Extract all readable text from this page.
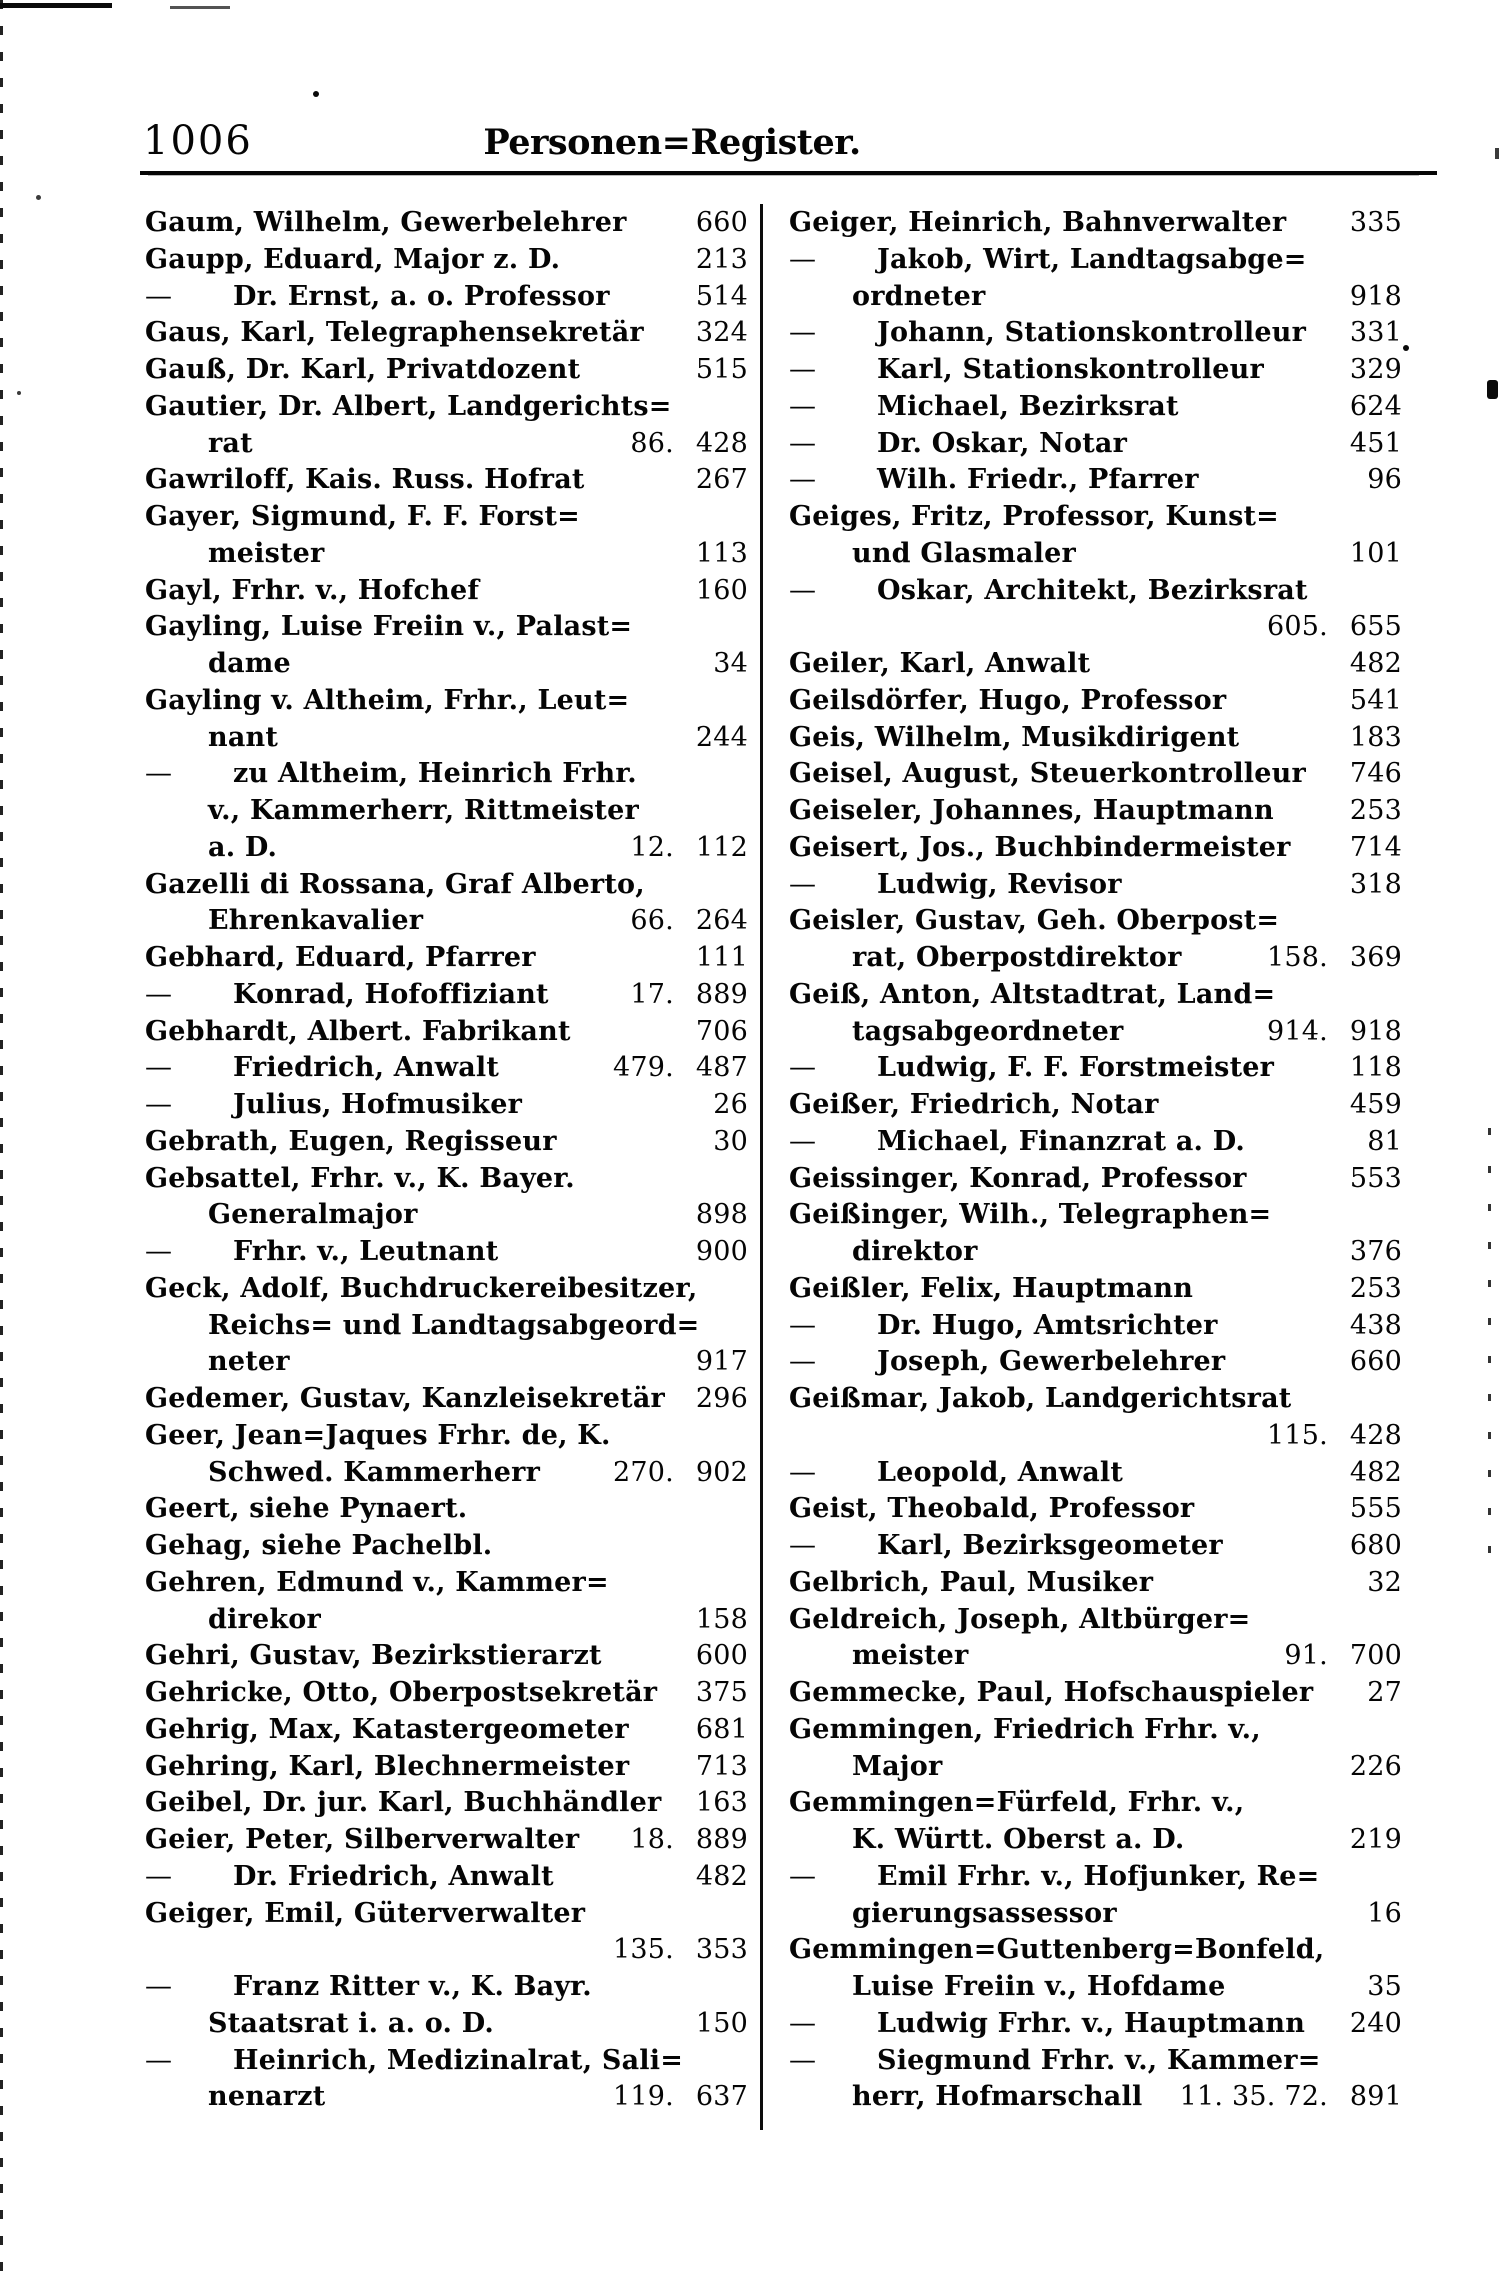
1006	Personen=Register.
Gaum, Wilhelm, Gewerbelehrer	660
Gaupp, Eduard, Major z. D.	213
—	Dr. Ernst, a. o. Professor	514
Gaus, Karl, Telegraphensekretär 324
Gauß, Dr. Karl, Privatdozent	515
Gautier, Dr. Albert, Landgerichts=
rat	86. 428
Gawriloff, Kais. Russ. Hofrat	267
Gayer, Sigmund, F. F. Forst=
meister	113
Gayl, Frhr. v., Hofchef	160
Gayling, Luise Freiin v., Palast=
dame	34
Gayling v. Altheim, Frhr., Leut=
nant	244
—	zu Altheim, Heinrich Frhr.
v., Kammerherr, Rittmeister
a. D.	12. 112
Gazelli di Rossana, Graf Alberto,
Ehrenkavalier	66. 264
Gebhard, Eduard, Pfarrer	111
—	Konrad, Hofoffiziant	17. 889
Gebhardt, Albert. Fabrikant	706
—	Friedrich, Anwalt	479. 487
—	Julius, Hofmusiker	26
Gebrath, Eugen, Regisseur	30
Gebsattel, Frhr. v., K. Bayer.
Generalmajor	898
—	Frhr. v., Leutnant	900
Geck, Adolf, Buchdruckereibesitzer,
Reichs= und Landtagsabgeord=
neter	917
Gedemer, Gustav, Kanzleisekretär 296
Geer, Jean=Jaques Frhr. de, K.
Schwed. Kammerherr	270. 902
Geert, siehe Pynaert.
Gehag, siehe Pachelbl.
Gehren, Edmund v., Kammer=
direkor	158
Gehri, Gustav, Bezirkstierarzt	600
Gehricke, Otto, Oberpostsekretär 375
Gehrig, Max, Katastergeometer 681
Gehring, Karl, Blechnermeister 713
Geibel, Dr. jur. Karl, Buchhändler 163
Geier, Peter, Silberverwalter 18. 889
—	Dr. Friedrich, Anwalt	482
Geiger, Emil, Güterverwalter
135. 353
—	Franz Ritter v., K. Bayr.
Staatsrat i. a. o. D.	150
—	Heinrich, Medizinalrat, Sali=
nenarzt	119. 637
Geiger, Heinrich, Bahnverwalter 335
—	Jakob, Wirt, Landtagsabge=
ordneter	918
—	Johann, Stationskontrolleur 331
—	Karl, Stationskontrolleur	329
—	Michael, Bezirksrat	624
—	Dr. Oskar, Notar	451
—	Wilh. Friedr., Pfarrer	96
Geiges, Fritz, Professor, Kunst=
und Glasmaler	101
—	Oskar, Architekt, Bezirksrat
605. 655
Geiler, Karl, Anwalt	482
Geilsdörfer, Hugo, Professor	541
Geis, Wilhelm, Musikdirigent	183
Geisel, August, Steuerkontrolleur 746
Geiseler, Johannes, Hauptmann	253
Geisert, Jos., Buchbindermeister 714
—	Ludwig, Revisor	318
Geisler, Gustav, Geh. Oberpost=
rat, Oberpostdirektor	158. 369
Geiß, Anton, Altstadtrat, Land=
tagsabgeordneter	914. 918
—	Ludwig, F. F. Forstmeister	118
Geißer, Friedrich, Notar	459
—	Michael, Finanzrat a. D.	81
Geissinger, Konrad, Professor	553
Geißinger, Wilh., Telegraphen=
direktor	376
Geißler, Felix, Hauptmann	253
—	Dr. Hugo, Amtsrichter	438
—	Joseph, Gewerbelehrer	660
Geißmar, Jakob, Landgerichtsrat
115. 428
—	Leopold, Anwalt	482
Geist, Theobald, Professor	555
—	Karl, Bezirksgeometer	680
Gelbrich, Paul, Musiker	32
Geldreich, Joseph, Altbürger=
meister	91. 700
Gemmecke, Paul, Hofschauspieler	27
Gemmingen, Friedrich Frhr. v.,
Major	226
Gemmingen=Fürfeld, Frhr. v.,
K. Württ. Oberst a. D.	219
—	Emil Frhr. v., Hofjunker, Re=
gierungsassessor	16
Gemmingen=Guttenberg=Bonfeld,
Luise Freiin v., Hofdame	35
—	Ludwig Frhr. v., Hauptmann 240
—	Siegmund Frhr. v., Kammer=
herr, Hofmarschall 11. 35. 72. 891
